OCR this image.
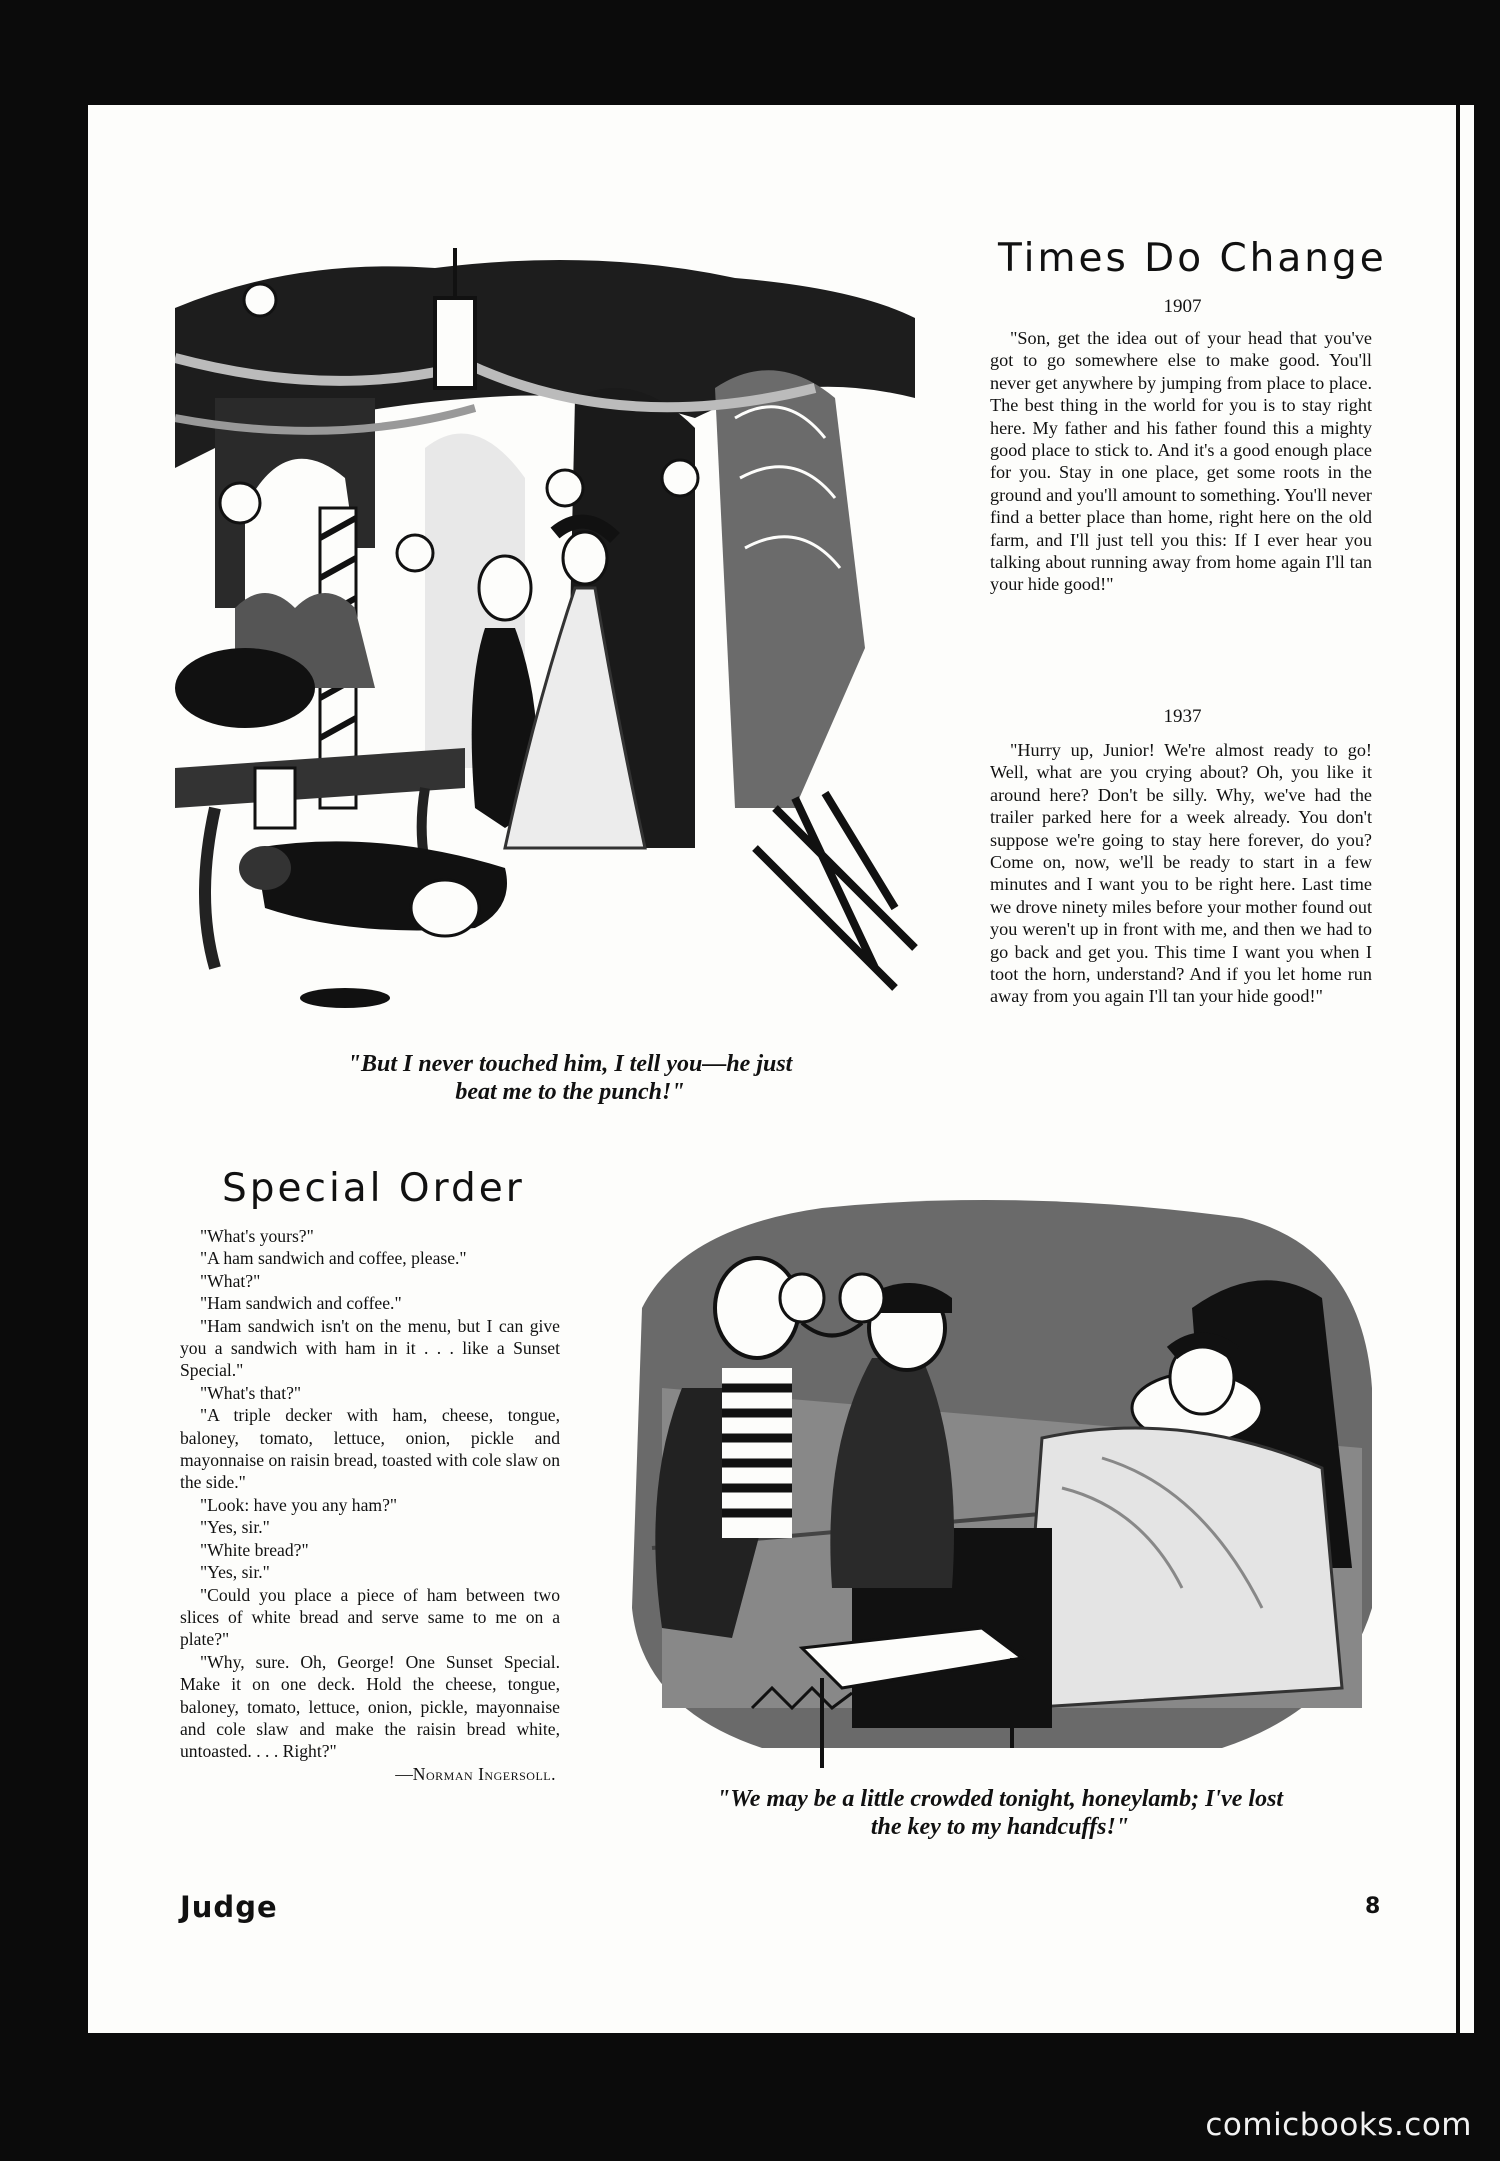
"But I never touched him, I tell you—he just
beat me to the punch!"
Times Do Change
1907

"Son, get the idea out of your head that you've got to go somewhere else to make good. You'll never get anywhere by jumping from place to place. The best thing in the world for you is to stay right here. My father and his father found this a mighty good place to stick to. And it's a good enough place for you. Stay in one place, get some roots in the ground and you'll amount to something. You'll never find a better place than home, right here on the old farm, and I'll just tell you this: If I ever hear you talking about running away from home again I'll tan your hide good!"

1937

"Hurry up, Junior! We're almost ready to go! Well, what are you crying about? Oh, you like it around here? Don't be silly. Why, we've had the trailer parked here for a week already. You don't suppose we're going to stay here forever, do you? Come on, now, we'll be ready to start in a few minutes and I want you to be right here. Last time we drove ninety miles before your mother found out you weren't up in front with me, and then we had to go back and get you. This time I want you when I toot the horn, understand? And if you let home run away from you again I'll tan your hide good!"

Special Order

"What's yours?"

"A ham sandwich and coffee, please."

"What?"

"Ham sandwich and coffee."

"Ham sandwich isn't on the menu, but I can give you a sandwich with ham in it . . . like a Sunset Special."

"What's that?"

"A triple decker with ham, cheese, tongue, baloney, tomato, lettuce, onion, pickle and mayonnaise on raisin bread, toasted with cole slaw on the side."

"Look: have you any ham?"

"Yes, sir."

"White bread?"

"Yes, sir."

"Could you place a piece of ham between two slices of white bread and serve same to me on a plate?"

"Why, sure. Oh, George! One Sunset Special. Make it on one deck. Hold the cheese, tongue, baloney, tomato, lettuce, onion, pickle, mayonnaise and cole slaw and make the raisin bread white, untoasted. . . . Right?"

—Norman Ingersoll.
"We may be a little crowded tonight, honeylamb; I've lost
the key to my handcuffs!"
Judge	8
comicbooks.com
